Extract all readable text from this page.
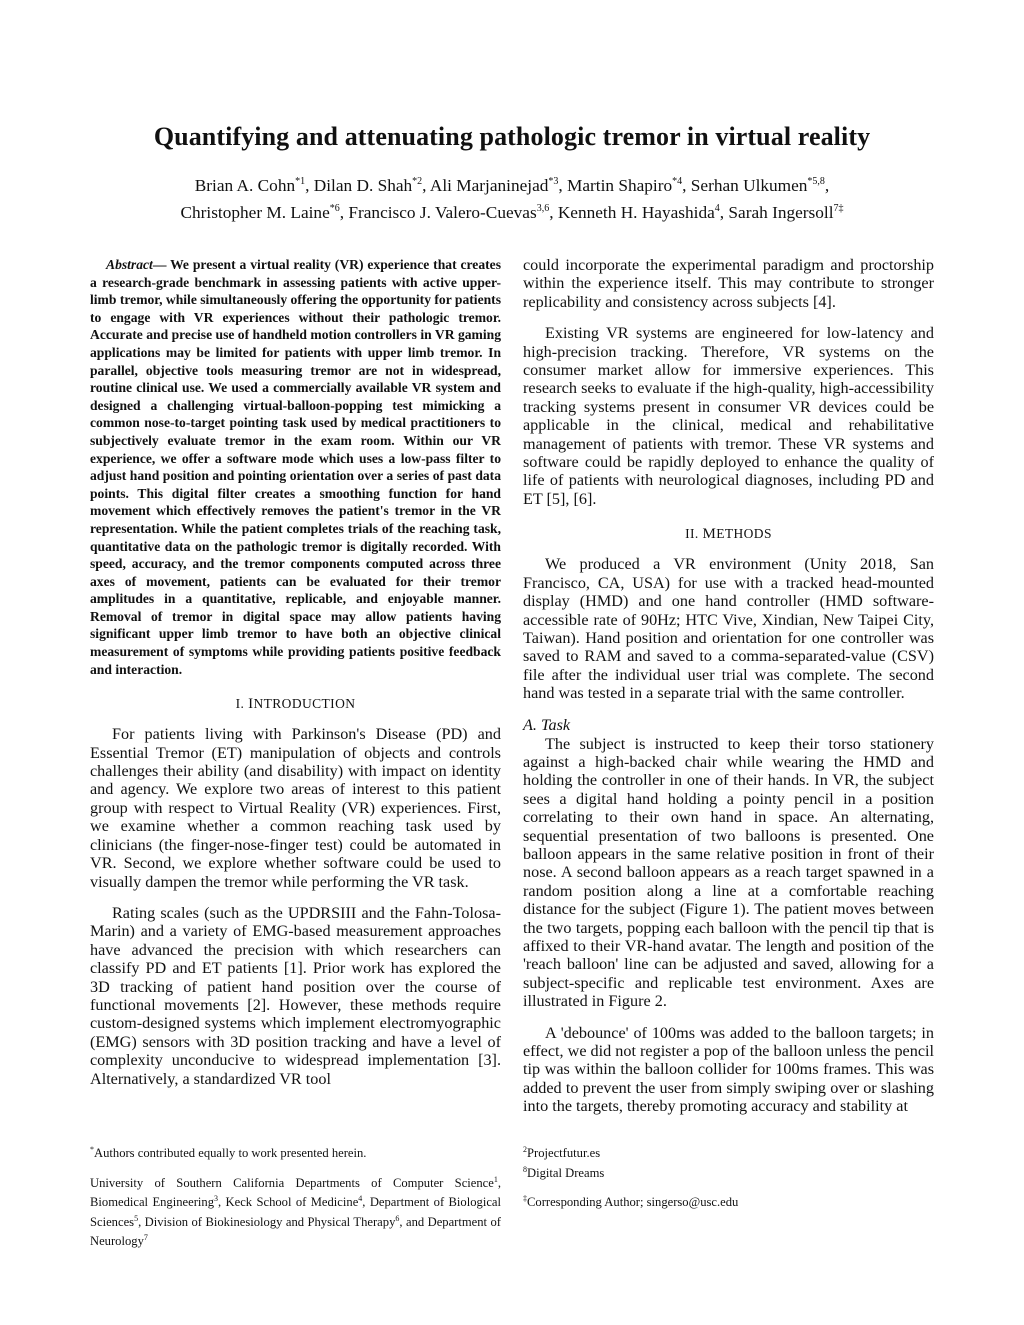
Quantifying and attenuating pathologic tremor in virtual reality
Brian A. Cohn$^{*1}$, Dilan D. Shah$^{*2}$, Ali Marjaninejad$^{*3}$, Martin Shapiro$^{*4}$, Serhan Ulkumen$^{*5,8}$,
Christopher M. Laine$^{*6}$, Francisco J. Valero-Cuevas$^{3,6}$, Kenneth H. Hayashida$^4$, Sarah Ingersoll$^{7\ddagger}$

Abstract— We present a virtual reality (VR) experience that creates a research-grade benchmark in assessing patients with active upper-limb tremor, while simultaneously offering the opportunity for patients to engage with VR experiences without their pathologic tremor. Accurate and precise use of handheld motion controllers in VR gaming applications may be limited for patients with upper limb tremor. In parallel, objective tools measuring tremor are not in widespread, routine clinical use. We used a commercially available VR system and designed a challenging virtual-balloon-popping test mimicking a common nose-to-target pointing task used by medical practitioners to subjectively evaluate tremor in the exam room. Within our VR experience, we offer a software mode which uses a low-pass filter to adjust hand position and pointing orientation over a series of past data points. This digital filter creates a smoothing function for hand movement which effectively removes the patient's tremor in the VR representation. While the patient completes trials of the reaching task, quantitative data on the pathologic tremor is digitally recorded. With speed, accuracy, and the tremor components computed across three axes of movement, patients can be evaluated for their tremor amplitudes in a quantitative, replicable, and enjoyable manner. Removal of tremor in digital space may allow patients having significant upper limb tremor to have both an objective clinical measurement of symptoms while providing patients positive feedback and interaction.

I. INTRODUCTION

For patients living with Parkinson's Disease (PD) and Essential Tremor (ET) manipulation of objects and controls challenges their ability (and disability) with impact on identity and agency. We explore two areas of interest to this patient group with respect to Virtual Reality (VR) experiences. First, we examine whether a common reaching task used by clinicians (the finger-nose-finger test) could be automated in VR. Second, we explore whether software could be used to visually dampen the tremor while performing the VR task.

Rating scales (such as the UPDRSIII and the Fahn-Tolosa-Marin) and a variety of EMG-based measurement approaches have advanced the precision with which researchers can classify PD and ET patients [1]. Prior work has explored the 3D tracking of patient hand position over the course of functional movements [2]. However, these methods require custom-designed systems which implement electromyographic (EMG) sensors with 3D position tracking and have a level of complexity unconducive to widespread implementation [3]. Alternatively, a standardized VR tool

could incorporate the experimental paradigm and proctorship within the experience itself. This may contribute to stronger replicability and consistency across subjects [4].

Existing VR systems are engineered for low-latency and high-precision tracking. Therefore, VR systems on the consumer market allow for immersive experiences. This research seeks to evaluate if the high-quality, high-accessibility tracking systems present in consumer VR devices could be applicable in the clinical, medical and rehabilitative management of patients with tremor. These VR systems and software could be rapidly deployed to enhance the quality of life of patients with neurological diagnoses, including PD and ET [5], [6].

II. METHODS

We produced a VR environment (Unity 2018, San Francisco, CA, USA) for use with a tracked head-mounted display (HMD) and one hand controller (HMD software-accessible rate of 90Hz; HTC Vive, Xindian, New Taipei City, Taiwan). Hand position and orientation for one controller was saved to RAM and saved to a comma-separated-value (CSV) file after the individual user trial was complete. The second hand was tested in a separate trial with the same controller.

A. Task

The subject is instructed to keep their torso stationery against a high-backed chair while wearing the HMD and holding the controller in one of their hands. In VR, the subject sees a digital hand holding a pointy pencil in a position correlating to their own hand in space. An alternating, sequential presentation of two balloons is presented. One balloon appears in the same relative position in front of their nose. A second balloon appears as a reach target spawned in a random position along a line at a comfortable reaching distance for the subject (Figure 1). The patient moves between the two targets, popping each balloon with the pencil tip that is affixed to their VR-hand avatar. The length and position of the 'reach balloon' line can be adjusted and saved, allowing for a subject-specific and replicable test environment. Axes are illustrated in Figure 2.

A 'debounce' of 100ms was added to the balloon targets; in effect, we did not register a pop of the balloon unless the pencil tip was within the balloon collider for 100ms frames. This was added to prevent the user from simply swiping over or slashing into the targets, thereby promoting accuracy and stability at

*Authors contributed equally to work presented herein.
University of Southern California Departments of Computer Science$^1$, Biomedical Engineering$^3$, Keck School of Medicine$^4$, Department of Biological Sciences$^5$, Division of Biokinesiology and Physical Therapy$^6$, and Department of Neurology$^7$
$^2$Projectfutur.es
$^8$Digital Dreams
‡Corresponding Author; singerso@usc.edu
